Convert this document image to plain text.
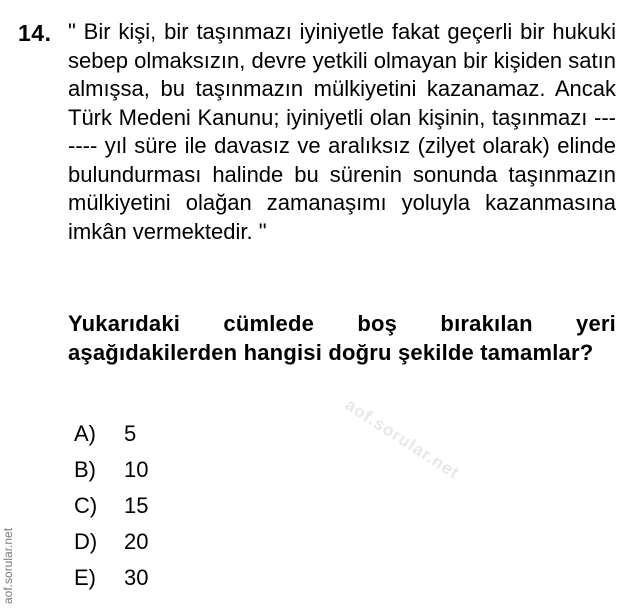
14. " Bir kişi, bir taşınmazı iyiniyetle fakat geçerli bir hukuki sebep olmaksızın, devre yetkili olmayan bir kişiden satın almışsa, bu taşınmazın mülkiyetini kazanamaz. Ancak Türk Medeni Kanunu; iyiniyetli olan kişinin, taşınmazı ------- yıl süre ile davasız ve aralıksız (zilyet olarak) elinde bulundurması halinde bu sürenin sonunda taşınmazın mülkiyetini olağan zamanaşımı yoluyla kazanmasına imkân vermektedir. "
Yukarıdaki cümlede boş bırakılan yeri aşağıdakilerden hangisi doğru şekilde tamamlar?
A)	5
B)	10
C)	15
D)	20
E)	30
aof.sorular.net
aof.sorular.net
